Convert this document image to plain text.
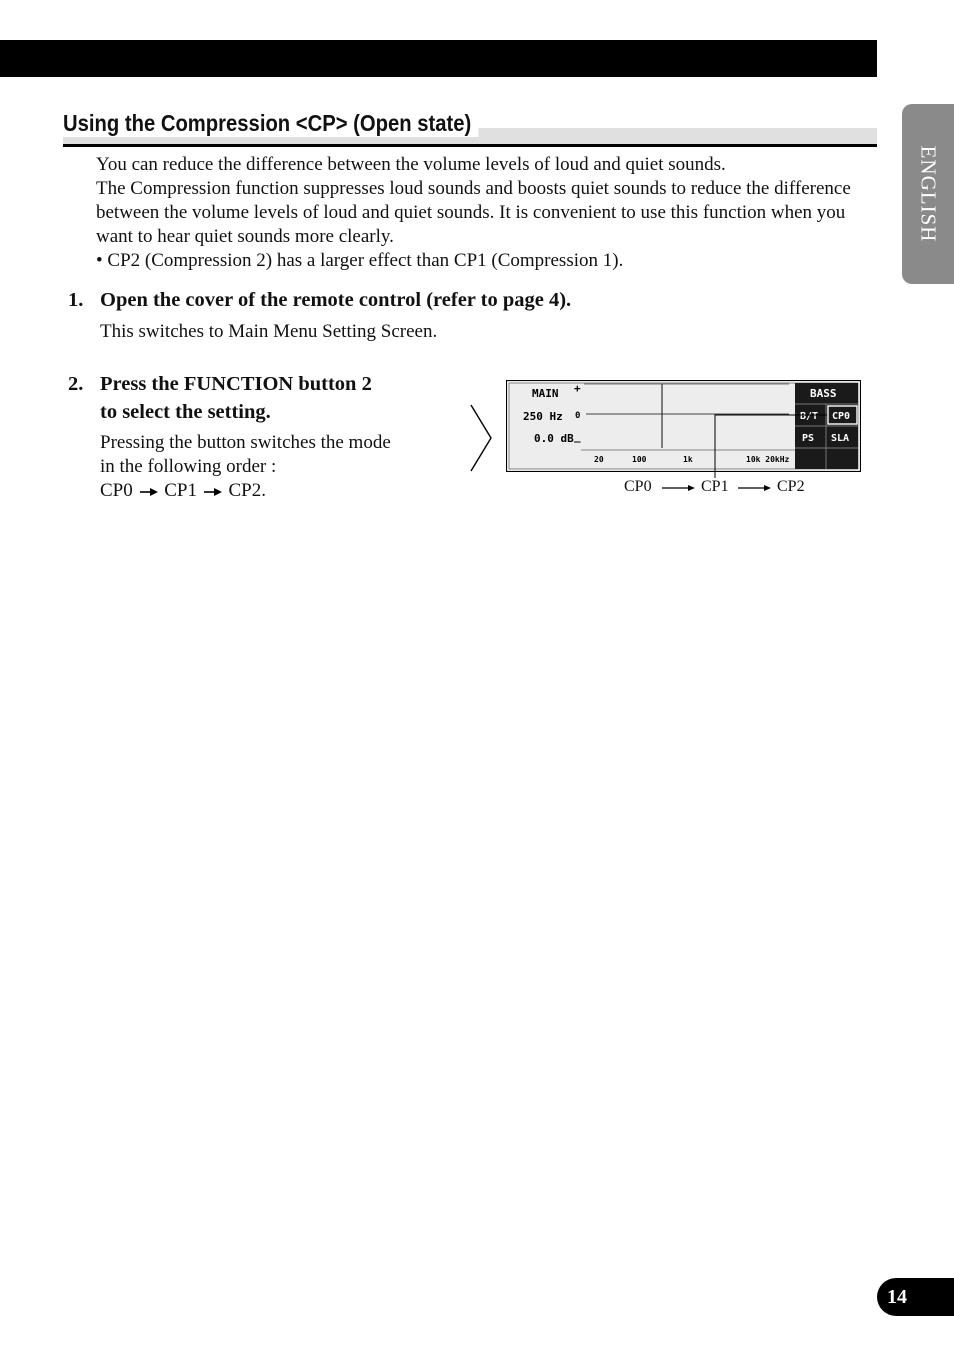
ENGLISH
Using the Compression <CP> (Open state)

You can reduce the difference between the volume levels of loud and quiet sounds.

The Compression function suppresses loud sounds and boosts quiet sounds to reduce the difference between the volume levels of loud and quiet sounds. It is convenient to use this function when you want to hear quiet sounds more clearly.

• CP2 (Compression 2) has a larger effect than CP1 (Compression 1).

1. Open the cover of the remote control (refer to page 4).
This switches to Main Menu Setting Screen.
2. Press the FUNCTION button 2
to select the setting.
Pressing the button switches the mode
in the following order :
CP0 CP1 CP2.
MAIN
250 Hz
0.0 dB
+
0
_
20	100	1k	10k 20kHz
BASS
B/T CP0
PS SLA
CP0	CP1	CP2
14
